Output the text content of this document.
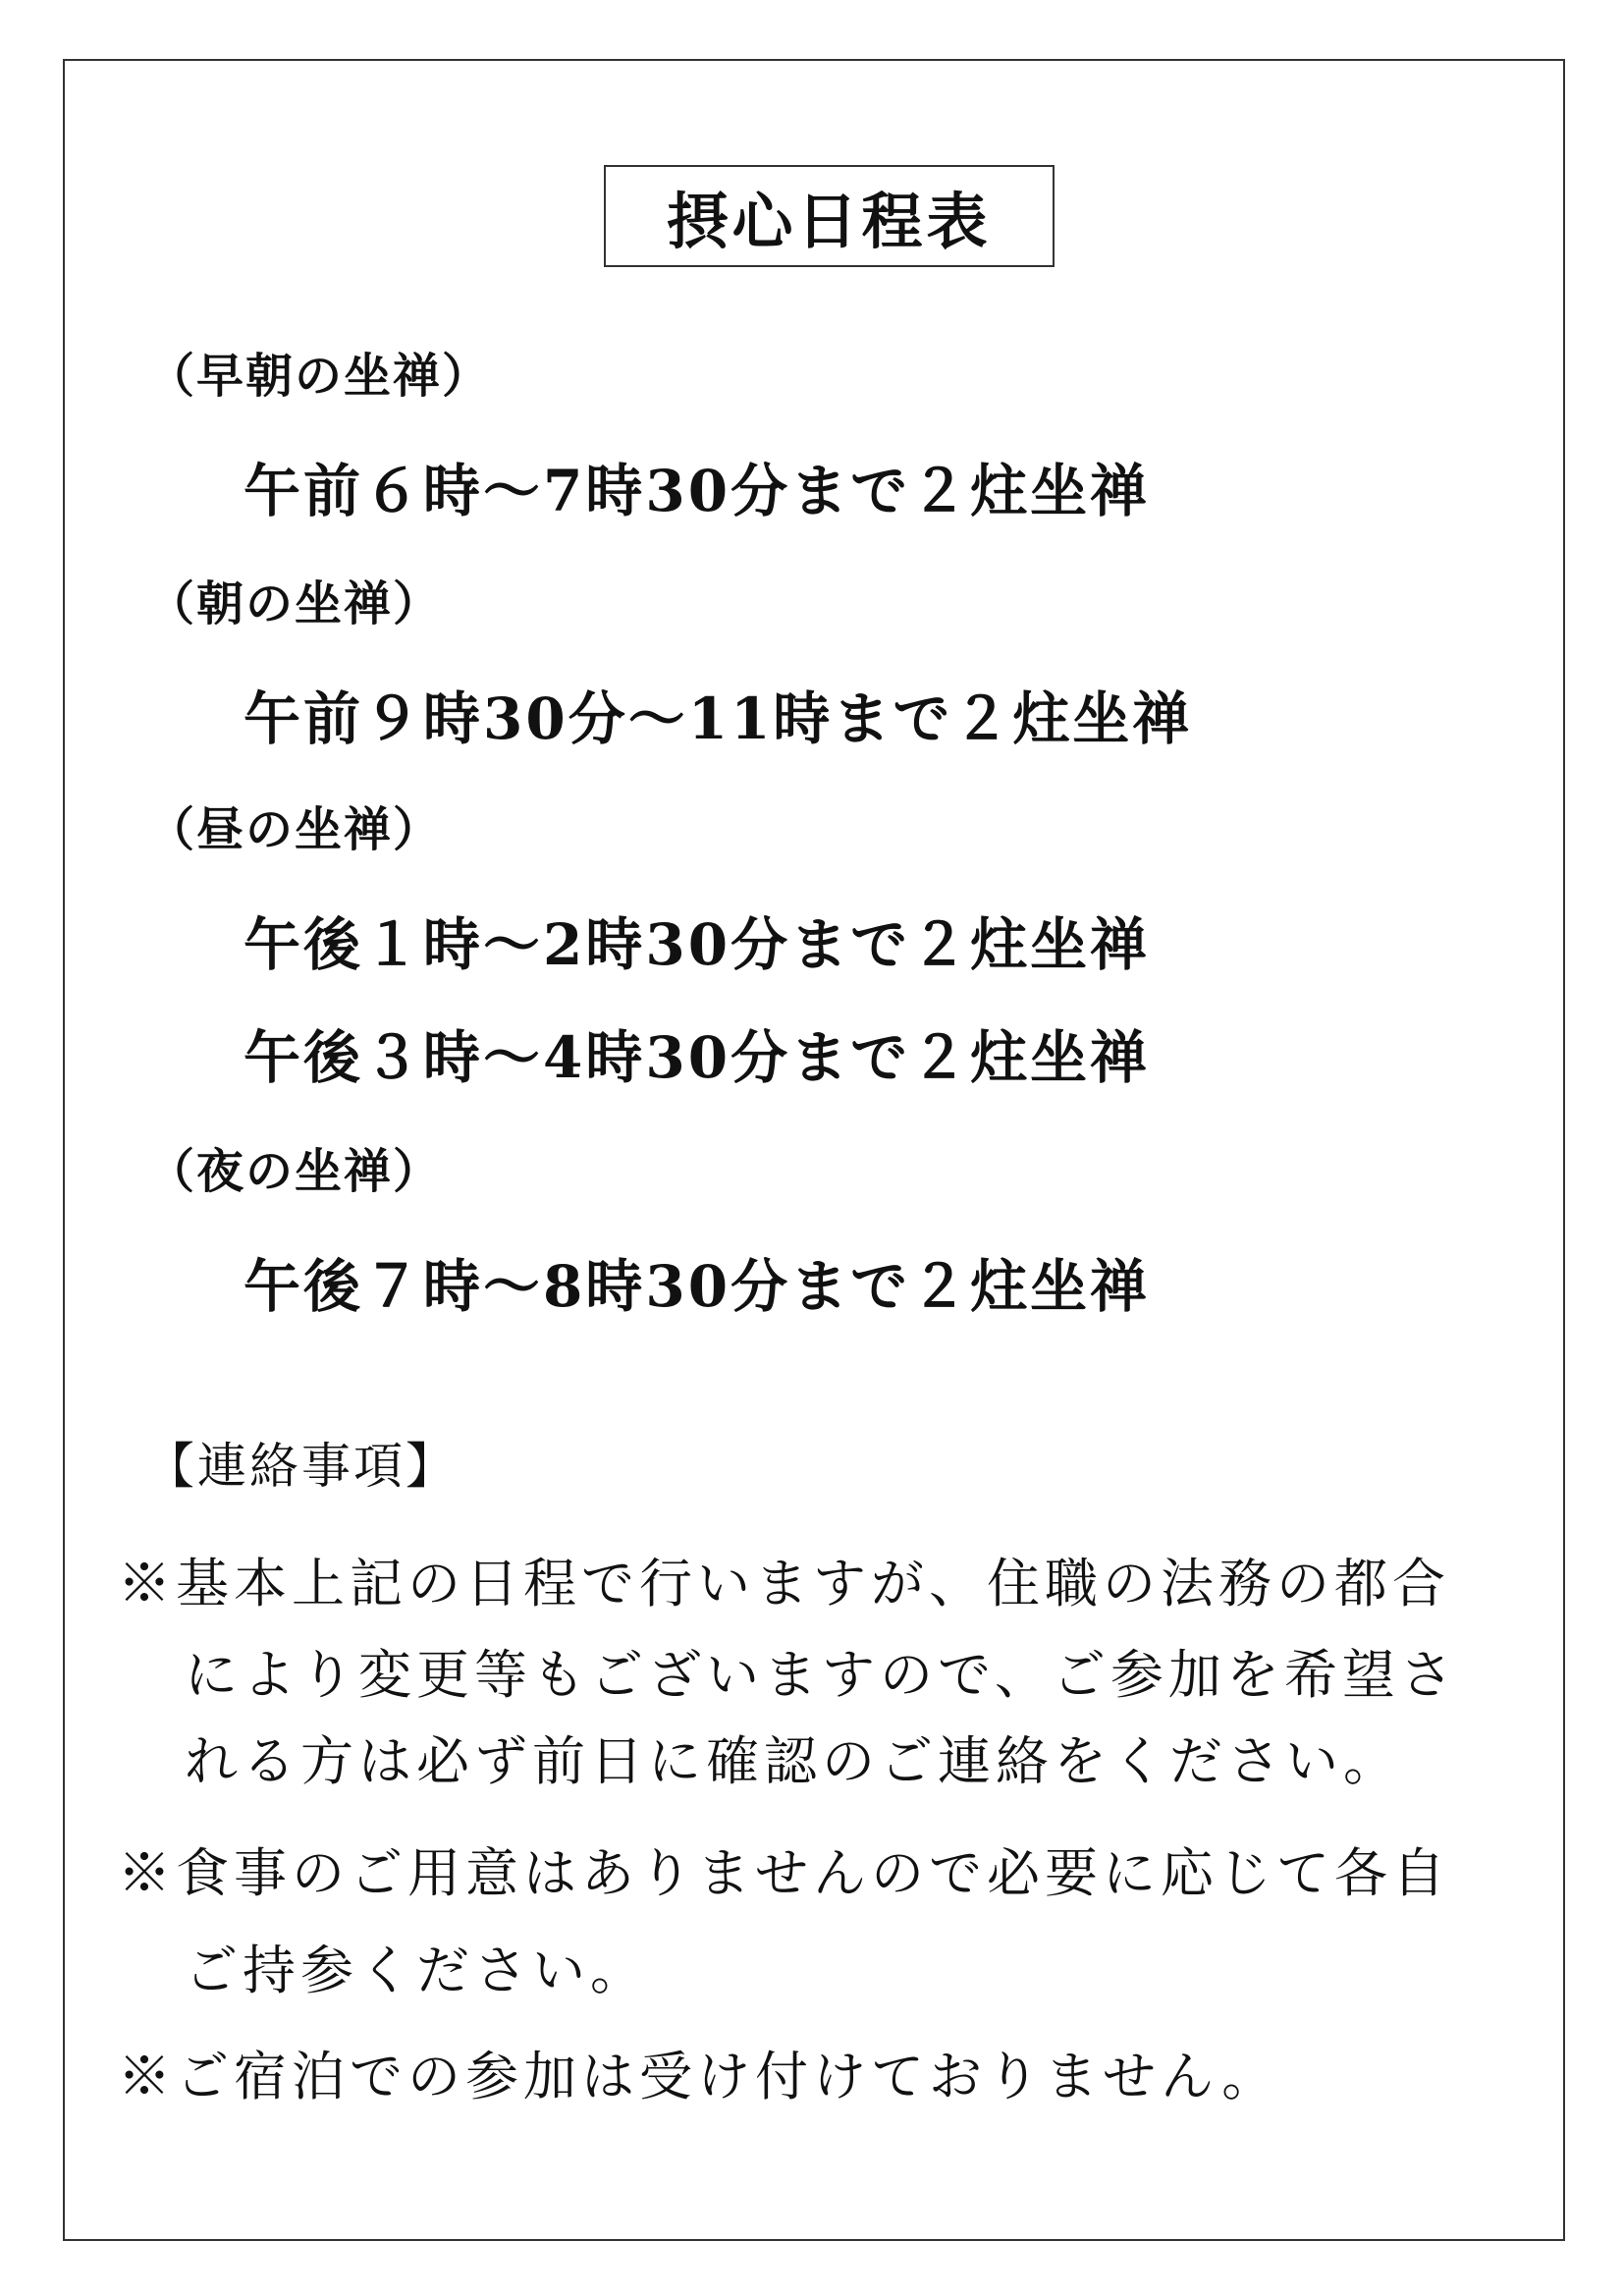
摂心日程表
（早朝の坐禅）
午前６時～7時30分まで２炷坐禅
（朝の坐禅）
午前９時30分～11時まで２炷坐禅
（昼の坐禅）
午後１時～2時30分まで２炷坐禅
午後３時～4時30分まで２炷坐禅
（夜の坐禅）
午後７時～8時30分まで２炷坐禅
【連絡事項】
※基本上記の日程で行いますが、住職の法務の都合
により変更等もございますので、ご参加を希望さ
れる方は必ず前日に確認のご連絡をください。
※食事のご用意はありませんので必要に応じて各自
ご持参ください。
※ご宿泊での参加は受け付けておりません。
